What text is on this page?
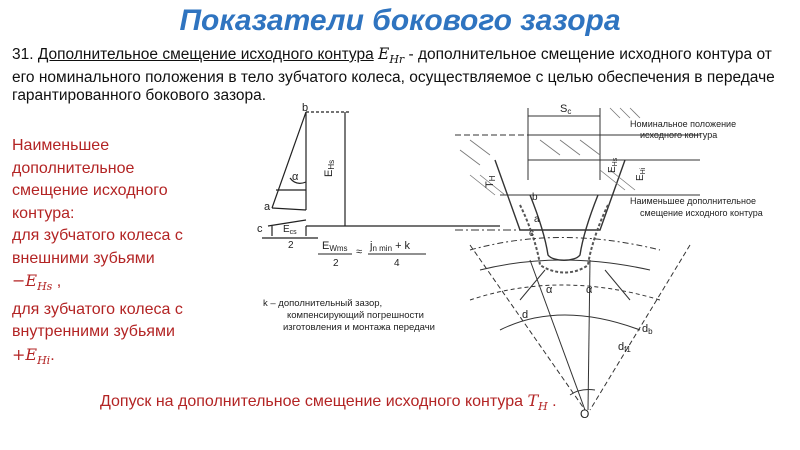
Показатели бокового зазора
31. Дополнительное смещение исходного контура $E_{Hr}$ - дополнительное смещение исходного контура от его номинального положения в тело зубчатого колеса, осуществляемое с целью обеспечения в передаче гарантированного бокового зазора.
Наименьшее
дополнительное
смещение исходного
контура:
для зубчатого колеса с
внешними зубьями
$-E_{Hs}$ ,
для зубчатого колеса с
внутренними зубьями
$+E_{Hi}$.
b
a
c
α EHs
$E_{cs}$
2	EWms
2
≈ jn min + k
4
k – дополнительный зазор,
компенсирующий погрешности
изготовления и монтажа передачи
Sc
Номинальное положение
исходного контура
Наименьшее дополнительное
смещение исходного контура
TH
$E_{Hs}$
$E_{Hi}$
b
a
c
α	α
d
db
df1
O
Допуск на дополнительное смещение исходного контура $T_H$ .
